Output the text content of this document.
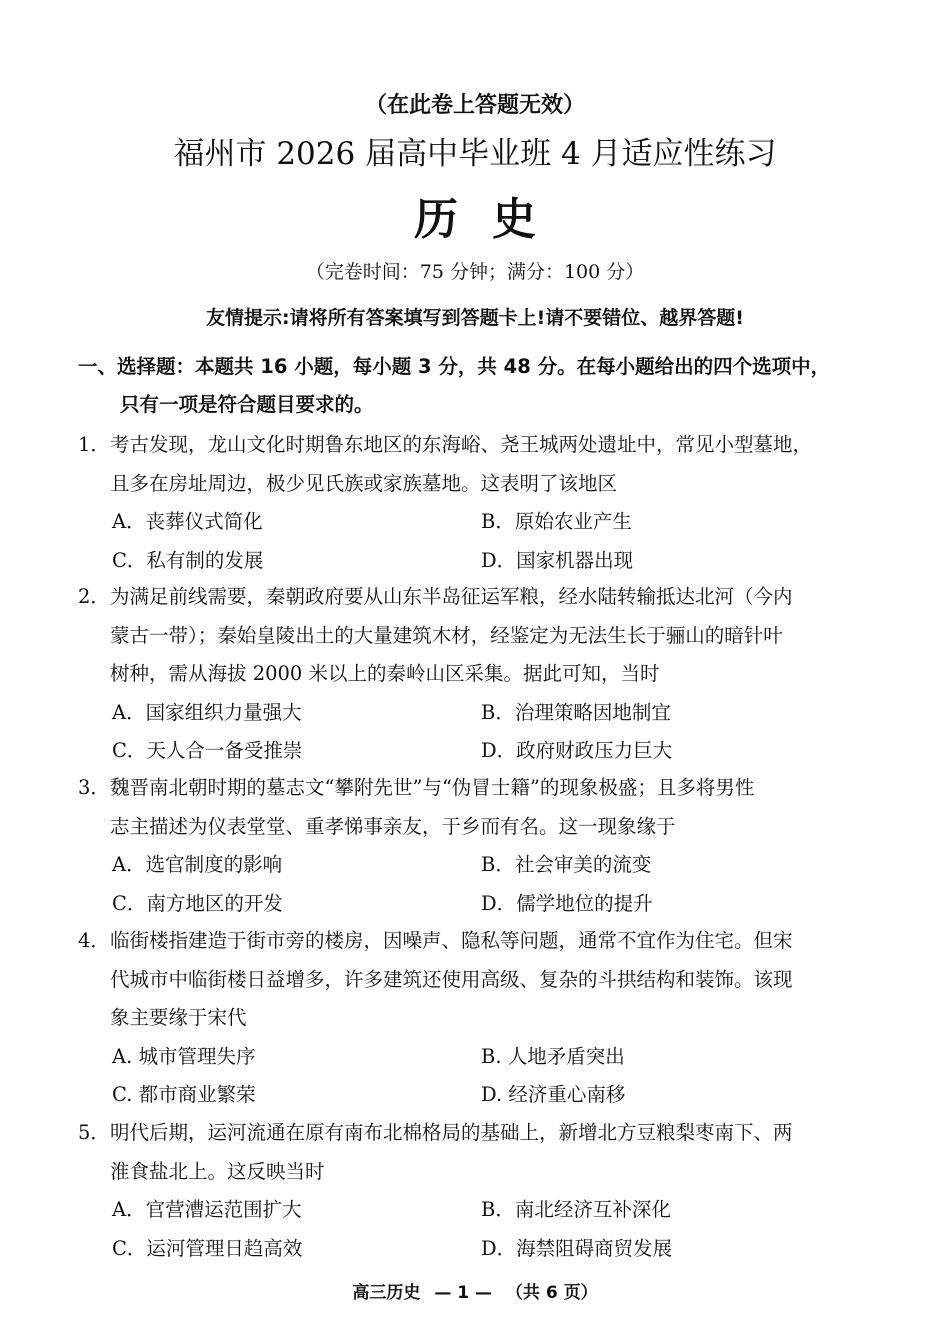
（在此卷上答题无效）
福州市 2026 届高中毕业班 4 月适应性练习
历史
（完卷时间：75 分钟；满分：100 分）
友情提示:请将所有答案填写到答题卡上!请不要错位、越界答题!
一、选择题：本题共 16 小题，每小题 3 分，共 48 分。在每小题给出的四个选项中，
只有一项是符合题目要求的。
1．考古发现，龙山文化时期鲁东地区的东海峪、尧王城两处遗址中，常见小型墓地，
且多在房址周边，极少见氏族或家族墓地。这表明了该地区
A．丧葬仪式简化	B．原始农业产生
C．私有制的发展	D．国家机器出现
2．为满足前线需要，秦朝政府要从山东半岛征运军粮，经水陆转输抵达北河（今内
蒙古一带）；秦始皇陵出土的大量建筑木材，经鉴定为无法生长于骊山的暗针叶
树种，需从海拔 2000 米以上的秦岭山区采集。据此可知，当时
A．国家组织力量强大	B．治理策略因地制宜
C．天人合一备受推崇	D．政府财政压力巨大
3．魏晋南北朝时期的墓志文“攀附先世”与“伪冒士籍”的现象极盛；且多将男性
志主描述为仪表堂堂、重孝悌事亲友，于乡而有名。这一现象缘于
A．选官制度的影响	B．社会审美的流变
C．南方地区的开发	D．儒学地位的提升
4．临街楼指建造于街市旁的楼房，因噪声、隐私等问题，通常不宜作为住宅。但宋
代城市中临街楼日益增多，许多建筑还使用高级、复杂的斗拱结构和装饰。该现
象主要缘于宋代
A. 城市管理失序	B. 人地矛盾突出
C. 都市商业繁荣	D. 经济重心南移
5．明代后期，运河流通在原有南布北棉格局的基础上，新增北方豆粮梨枣南下、两
淮食盐北上。这反映当时
A．官营漕运范围扩大	B．南北经济互补深化
C．运河管理日趋高效	D．海禁阻碍商贸发展
高三历史 — 1 — （共 6 页）
